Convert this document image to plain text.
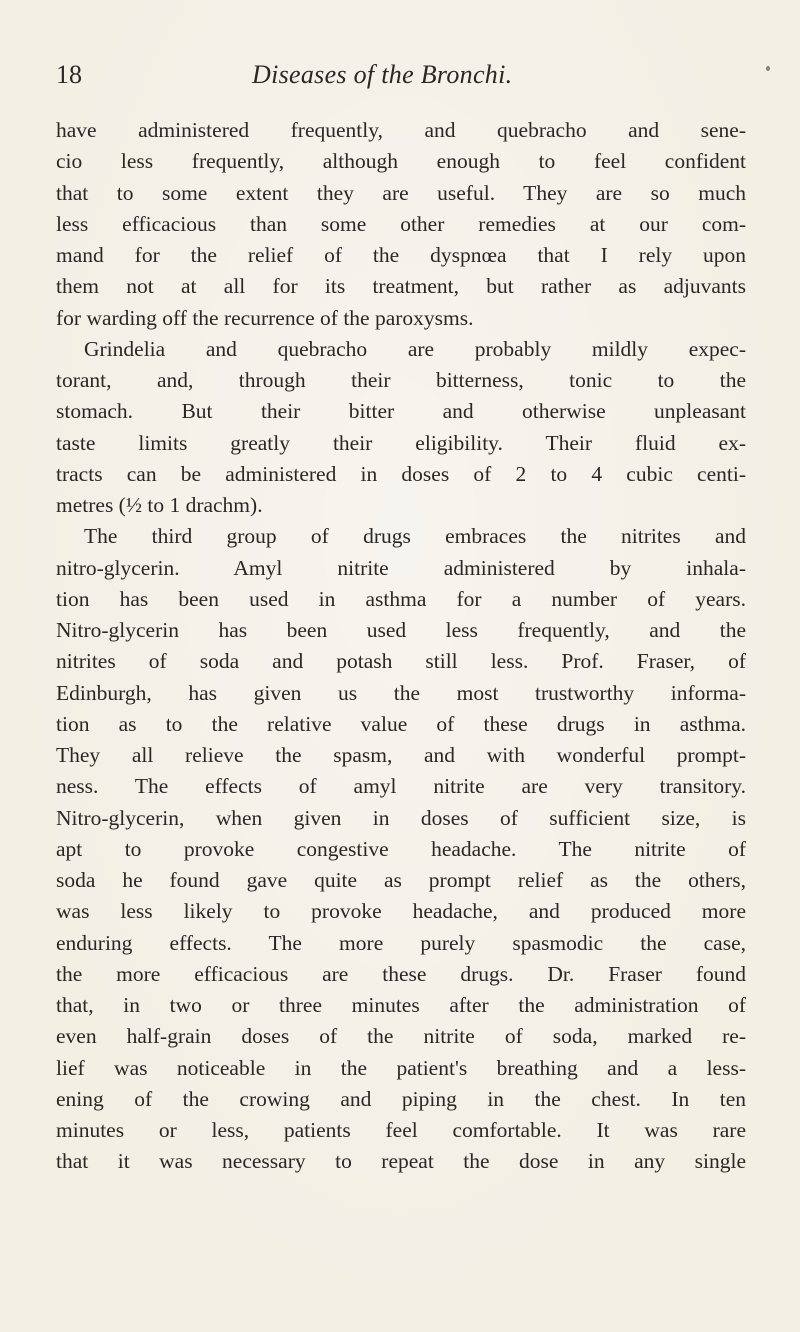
18	Diseases of the Bronchi.
have administered frequently, and quebracho and sene-
cio less frequently, although enough to feel confident
that to some extent they are useful. They are so much
less efficacious than some other remedies at our com-
mand for the relief of the dyspnœa that I rely upon
them not at all for its treatment, but rather as adjuvants
for warding off the recurrence of the paroxysms.
Grindelia and quebracho are probably mildly expec-
torant, and, through their bitterness, tonic to the
stomach. But their bitter and otherwise unpleasant
taste limits greatly their eligibility. Their fluid ex-
tracts can be administered in doses of 2 to 4 cubic centi-
metres (½ to 1 drachm).
The third group of drugs embraces the nitrites and
nitro-glycerin. Amyl nitrite administered by inhala-
tion has been used in asthma for a number of years.
Nitro-glycerin has been used less frequently, and the
nitrites of soda and potash still less. Prof. Fraser, of
Edinburgh, has given us the most trustworthy informa-
tion as to the relative value of these drugs in asthma.
They all relieve the spasm, and with wonderful prompt-
ness. The effects of amyl nitrite are very transitory.
Nitro-glycerin, when given in doses of sufficient size, is
apt to provoke congestive headache. The nitrite of
soda he found gave quite as prompt relief as the others,
was less likely to provoke headache, and produced more
enduring effects. The more purely spasmodic the case,
the more efficacious are these drugs. Dr. Fraser found
that, in two or three minutes after the administration of
even half-grain doses of the nitrite of soda, marked re-
lief was noticeable in the patient's breathing and a less-
ening of the crowing and piping in the chest. In ten
minutes or less, patients feel comfortable. It was rare
that it was necessary to repeat the dose in any single
